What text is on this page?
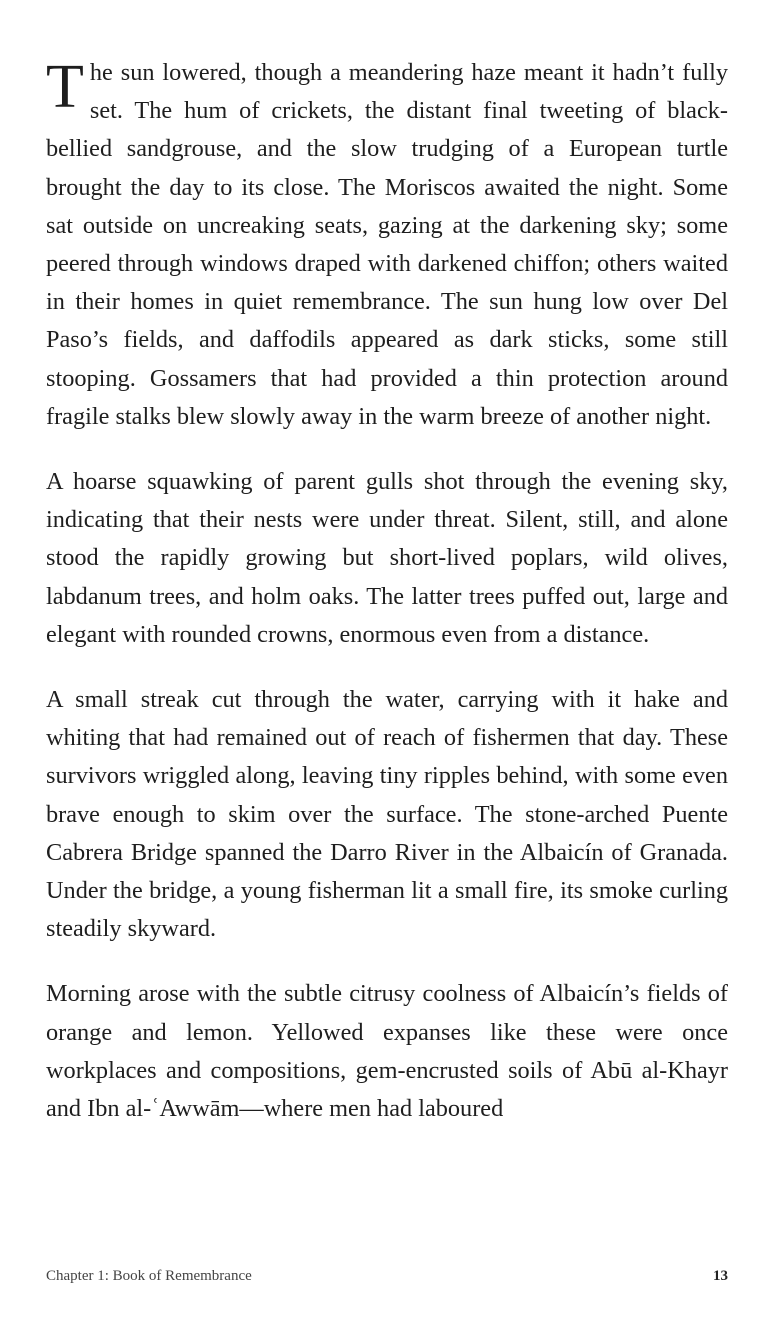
The sun lowered, though a meandering haze meant it hadn’t fully set. The hum of crickets, the distant final tweeting of black-bellied sandgrouse, and the slow trudging of a European turtle brought the day to its close. The Moriscos awaited the night. Some sat outside on uncreaking seats, gazing at the darkening sky; some peered through windows draped with darkened chiffon; others waited in their homes in quiet remembrance. The sun hung low over Del Paso’s fields, and daffodils appeared as dark sticks, some still stooping. Gossamers that had provided a thin protection around fragile stalks blew slowly away in the warm breeze of another night.

A hoarse squawking of parent gulls shot through the evening sky, indicating that their nests were under threat. Silent, still, and alone stood the rapidly growing but short-lived poplars, wild olives, labdanum trees, and holm oaks. The latter trees puffed out, large and elegant with rounded crowns, enormous even from a distance.

A small streak cut through the water, carrying with it hake and whiting that had remained out of reach of fishermen that day. These survivors wriggled along, leaving tiny ripples behind, with some even brave enough to skim over the surface. The stone-arched Puente Cabrera Bridge spanned the Darro River in the Albaicín of Granada. Under the bridge, a young fisherman lit a small fire, its smoke curling steadily skyward.

Morning arose with the subtle citrusy coolness of Albaicín’s fields of orange and lemon. Yellowed expanses like these were once workplaces and compositions, gem-encrusted soils of Abū al-Khayr and Ibn al-ʿAwwām—where men had laboured

Chapter 1: Book of Remembrance	13
